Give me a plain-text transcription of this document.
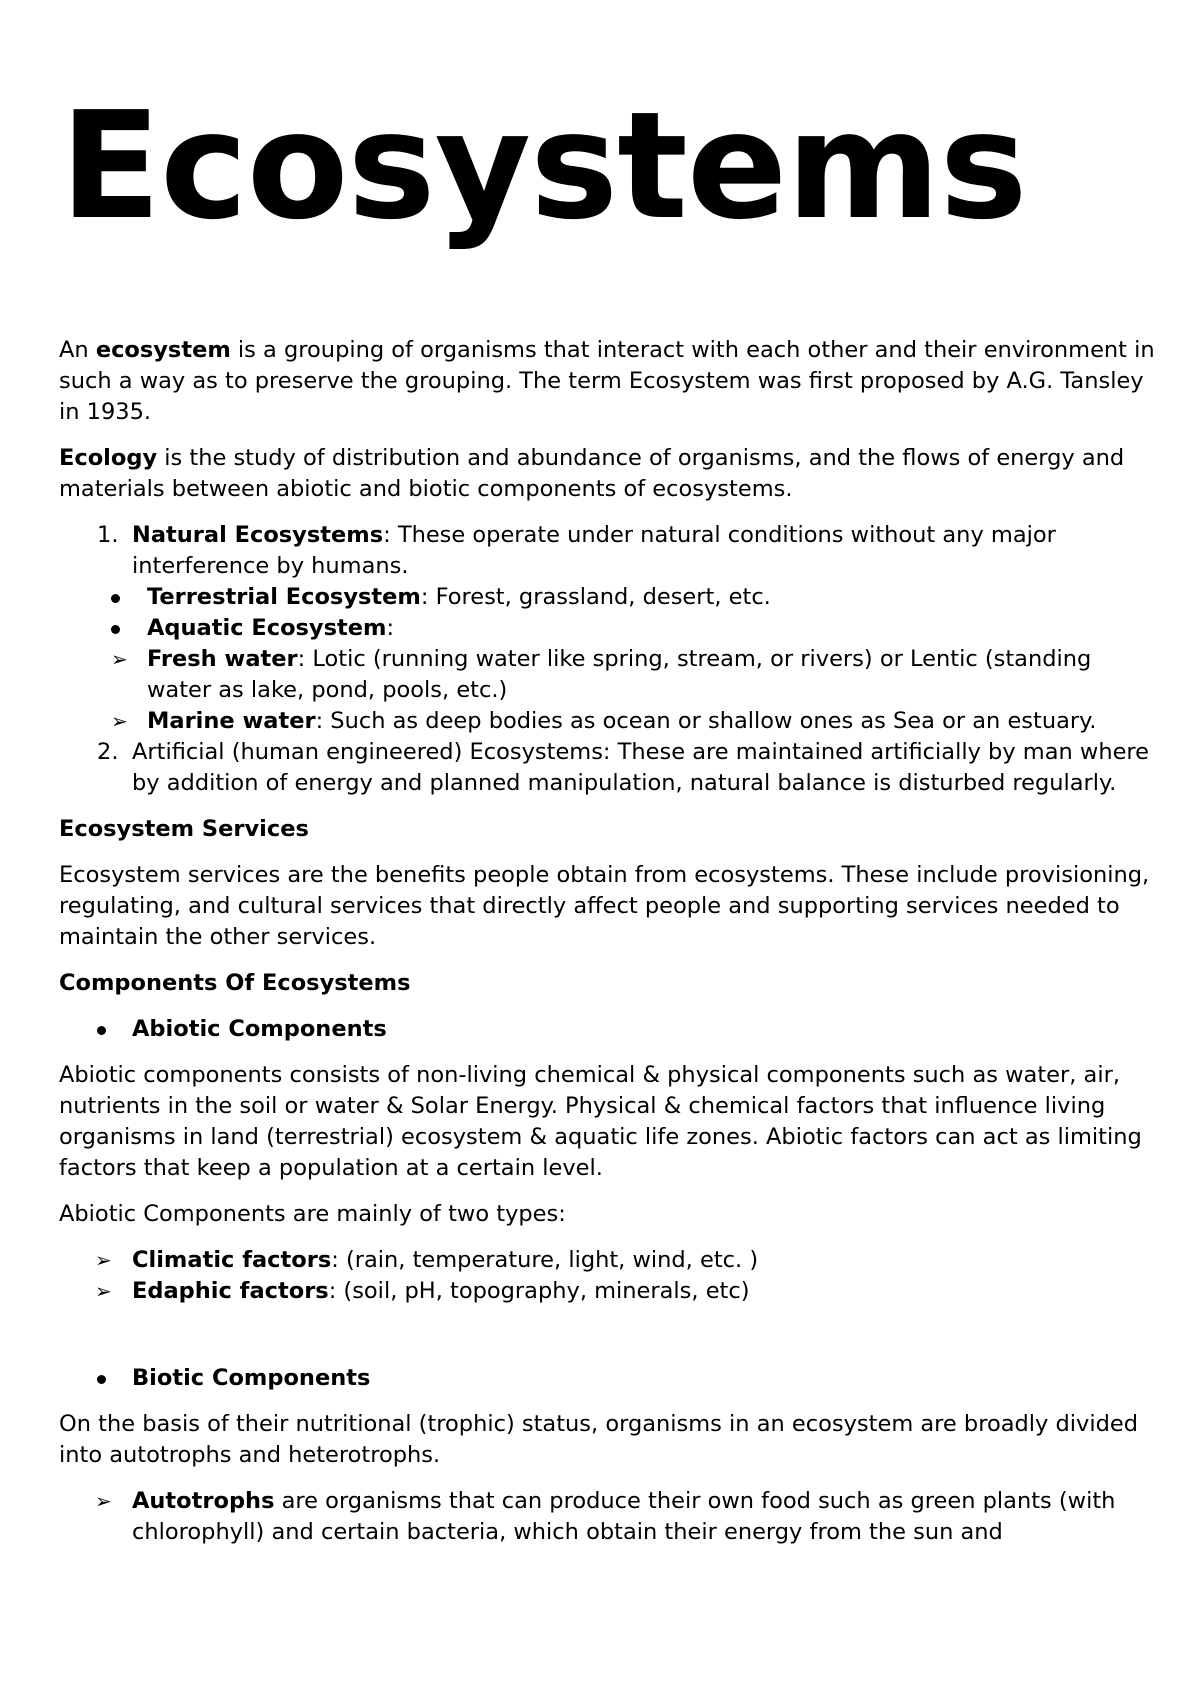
Ecosystems

An ecosystem is a grouping of organisms that interact with each other and their environment in such a way as to preserve the grouping. The term Ecosystem was first proposed by A.G. Tansley in 1935.

Ecology is the study of distribution and abundance of organisms, and the flows of energy and materials between abiotic and biotic components of ecosystems.

1. Natural Ecosystems: These operate under natural conditions without any major interference by humans.
Terrestrial Ecosystem: Forest, grassland, desert, etc.
Aquatic Ecosystem:
➢ Fresh water: Lotic (running water like spring, stream, or rivers) or Lentic (standing water as lake, pond, pools, etc.)
➢ Marine water: Such as deep bodies as ocean or shallow ones as Sea or an estuary.
2. Artificial (human engineered) Ecosystems: These are maintained artificially by man where by addition of energy and planned manipulation, natural balance is disturbed regularly.

Ecosystem Services

Ecosystem services are the benefits people obtain from ecosystems. These include provisioning, regulating, and cultural services that directly affect people and supporting services needed to maintain the other services.

Components Of Ecosystems

Abiotic Components

Abiotic components consists of non-living chemical & physical components such as water, air, nutrients in the soil or water & Solar Energy. Physical & chemical factors that influence living organisms in land (terrestrial) ecosystem & aquatic life zones. Abiotic factors can act as limiting factors that keep a population at a certain level.

Abiotic Components are mainly of two types:

➢ Climatic factors: (rain, temperature, light, wind, etc. )
➢ Edaphic factors: (soil, pH, topography, minerals, etc)
Biotic Components

On the basis of their nutritional (trophic) status, organisms in an ecosystem are broadly divided into autotrophs and heterotrophs.

➢ Autotrophs are organisms that can produce their own food such as green plants (with chlorophyll) and certain bacteria, which obtain their energy from the sun and
